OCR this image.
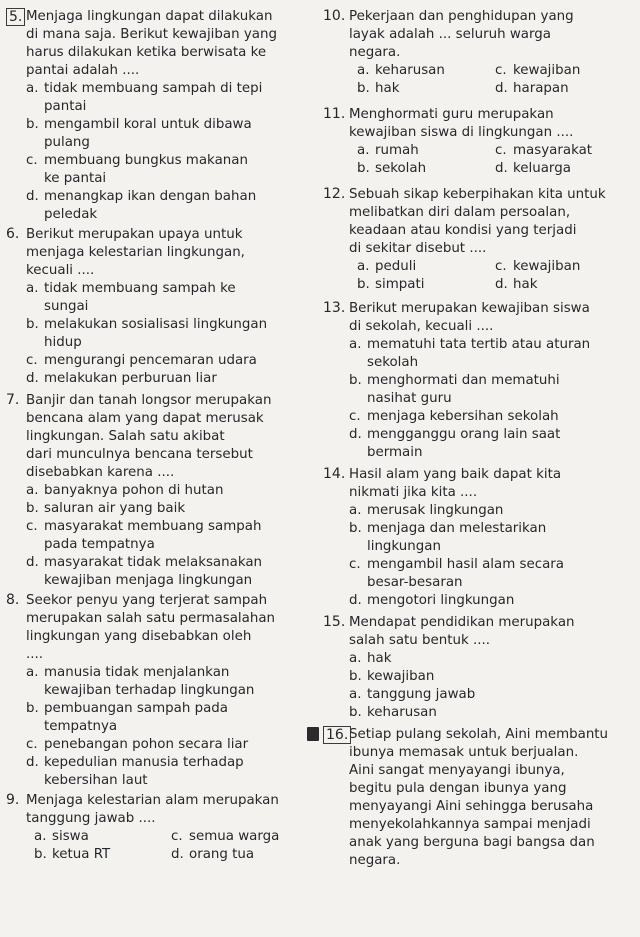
5. Menjaga lingkungan dapat dilakukan
di mana saja. Berikut kewajiban yang
harus dilakukan ketika berwisata ke
pantai adalah ....
a. tidak membuang sampah di tepi
pantai
b. mengambil koral untuk dibawa
pulang
c. membuang bungkus makanan
ke pantai
d. menangkap ikan dengan bahan
peledak
6. Berikut merupakan upaya untuk
menjaga kelestarian lingkungan,
kecuali ....
a. tidak membuang sampah ke
sungai
b. melakukan sosialisasi lingkungan
hidup
c. mengurangi pencemaran udara
d. melakukan perburuan liar
7. Banjir dan tanah longsor merupakan
bencana alam yang dapat merusak
lingkungan. Salah satu akibat
dari munculnya bencana tersebut
disebabkan karena ....
a. banyaknya pohon di hutan
b. saluran air yang baik
c. masyarakat membuang sampah
pada tempatnya
d. masyarakat tidak melaksanakan
kewajiban menjaga lingkungan
8. Seekor penyu yang terjerat sampah
merupakan salah satu permasalahan
lingkungan yang disebabkan oleh
....
a. manusia tidak menjalankan
kewajiban terhadap lingkungan
b. pembuangan sampah pada
tempatnya
c. penebangan pohon secara liar
d. kepedulian manusia terhadap
kebersihan laut
9. Menjaga kelestarian alam merupakan
tanggung jawab ....
a. siswa	c. semua warga
b. ketua RT	d. orang tua
10. Pekerjaan dan penghidupan yang
layak adalah ... seluruh warga
negara.
a. keharusan	c. kewajiban
b. hak	d. harapan
11. Menghormati guru merupakan
kewajiban siswa di lingkungan ....
a. rumah	c. masyarakat
b. sekolah	d. keluarga
12. Sebuah sikap keberpihakan kita untuk
melibatkan diri dalam persoalan,
keadaan atau kondisi yang terjadi
di sekitar disebut ....
a. peduli	c. kewajiban
b. simpati	d. hak
13. Berikut merupakan kewajiban siswa
di sekolah, kecuali ....
a. mematuhi tata tertib atau aturan
sekolah
b. menghormati dan mematuhi
nasihat guru
c. menjaga kebersihan sekolah
d. mengganggu orang lain saat
bermain
14. Hasil alam yang baik dapat kita
nikmati jika kita ....
a. merusak lingkungan
b. menjaga dan melestarikan
lingkungan
c. mengambil hasil alam secara
besar-besaran
d. mengotori lingkungan
15. Mendapat pendidikan merupakan
salah satu bentuk ....
a. hak
b. kewajiban
a. tanggung jawab
b. keharusan
16. Setiap pulang sekolah, Aini membantu
ibunya memasak untuk berjualan.
Aini sangat menyayangi ibunya,
begitu pula dengan ibunya yang
menyayangi Aini sehingga berusaha
menyekolahkannya sampai menjadi
anak yang berguna bagi bangsa dan
negara.
